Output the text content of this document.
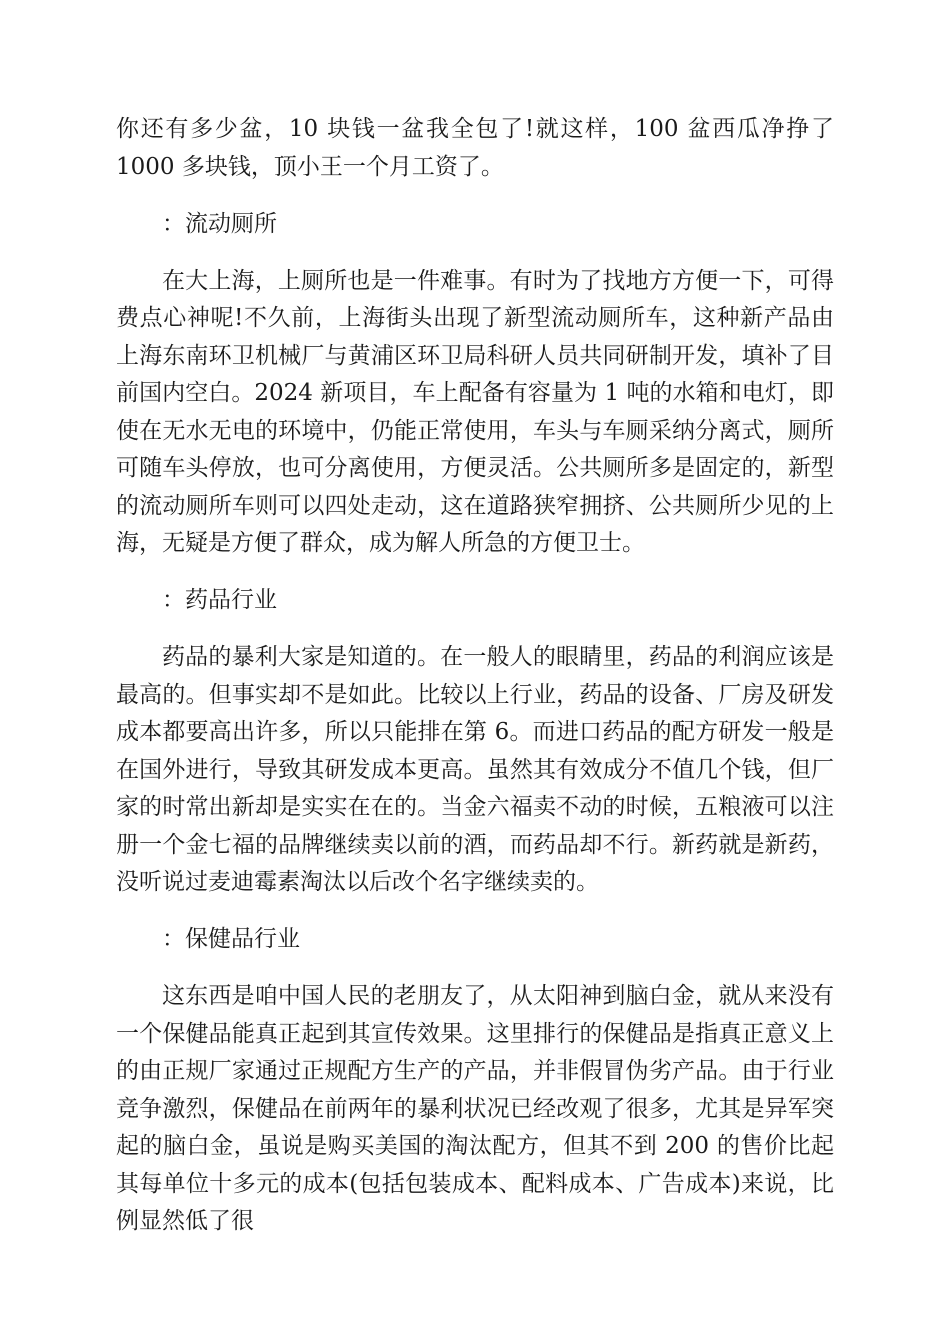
你还有多少盆，10 块钱一盆我全包了!就这样，100 盆西瓜净挣了 1000 多块钱，顶小王一个月工资了。

：流动厕所

在大上海，上厕所也是一件难事。有时为了找地方方便一下，可得费点心神呢!不久前，上海街头出现了新型流动厕所车，这种新产品由上海东南环卫机械厂与黄浦区环卫局科研人员共同研制开发，填补了目前国内空白。2024 新项目，车上配备有容量为 1 吨的水箱和电灯，即使在无水无电的环境中，仍能正常使用，车头与车厕采纳分离式，厕所可随车头停放，也可分离使用，方便灵活。公共厕所多是固定的，新型的流动厕所车则可以四处走动，这在道路狭窄拥挤、公共厕所少见的上海，无疑是方便了群众，成为解人所急的方便卫士。

：药品行业

药品的暴利大家是知道的。在一般人的眼睛里，药品的利润应该是最高的。但事实却不是如此。比较以上行业，药品的设备、厂房及研发成本都要高出许多，所以只能排在第 6。而进口药品的配方研发一般是在国外进行，导致其研发成本更高。虽然其有效成分不值几个钱，但厂家的时常出新却是实实在在的。当金六福卖不动的时候，五粮液可以注册一个金七福的品牌继续卖以前的酒，而药品却不行。新药就是新药，没听说过麦迪霉素淘汰以后改个名字继续卖的。

：保健品行业

这东西是咱中国人民的老朋友了，从太阳神到脑白金，就从来没有一个保健品能真正起到其宣传效果。这里排行的保健品是指真正意义上的由正规厂家通过正规配方生产的产品，并非假冒伪劣产品。由于行业竞争激烈，保健品在前两年的暴利状况已经改观了很多，尤其是异军突起的脑白金，虽说是购买美国的淘汰配方，但其不到 200 的售价比起其每单位十多元的成本(包括包装成本、配料成本、广告成本)来说，比例显然低了很
